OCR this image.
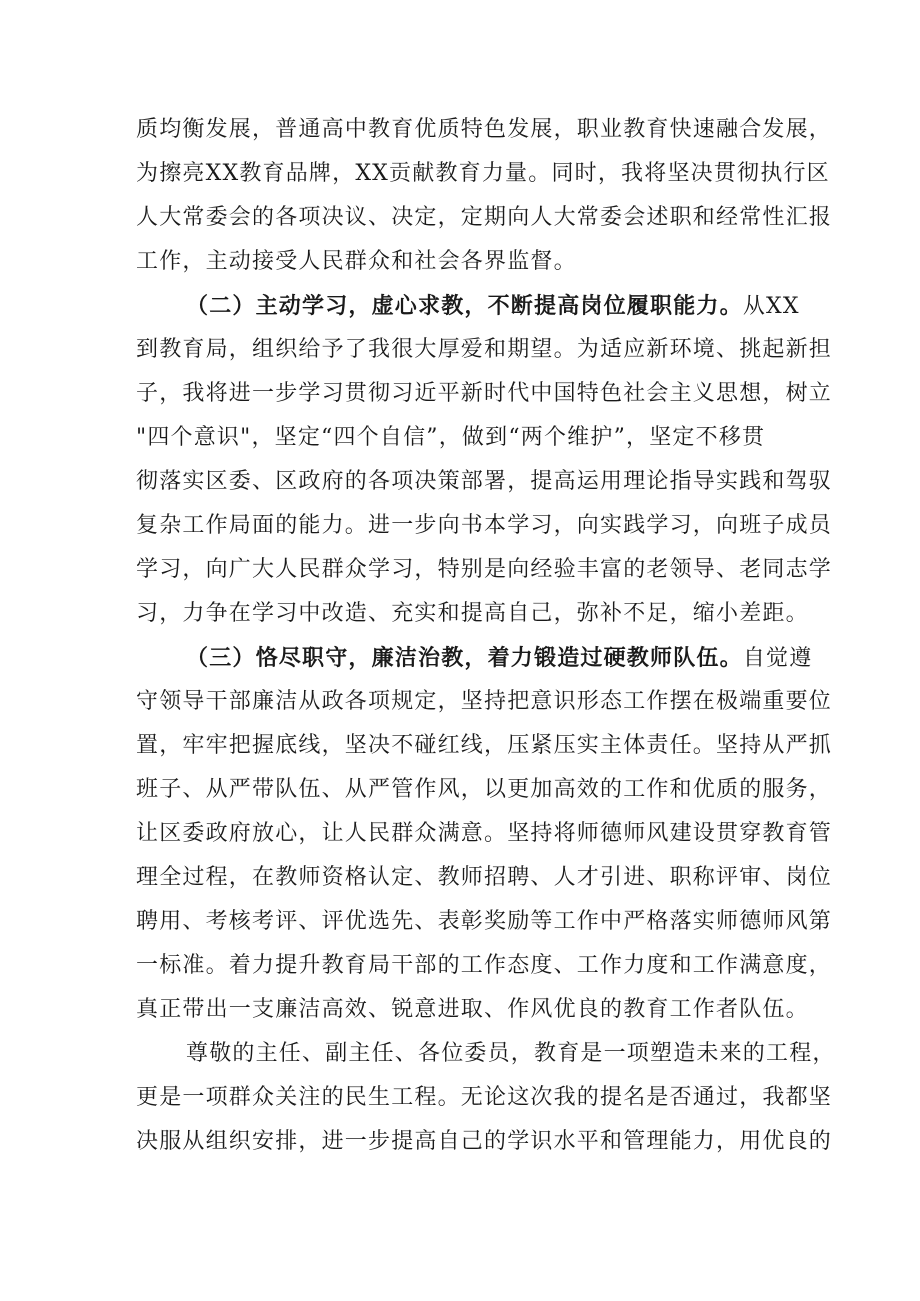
质均衡发展，普通高中教育优质特色发展，职业教育快速融合发展，
为擦亮XX教育品牌，XX贡献教育力量。同时，我将坚决贯彻执行区
人大常委会的各项决议、决定，定期向人大常委会述职和经常性汇报
工作，主动接受人民群众和社会各界监督。
（二）主动学习，虚心求教，不断提高岗位履职能力。从XX
到教育局，组织给予了我很大厚爱和期望。为适应新环境、挑起新担
子，我将进一步学习贯彻习近平新时代中国特色社会主义思想，树立
"四个意识"，坚定“四个自信”，做到“两个维护”，坚定不移贯
彻落实区委、区政府的各项决策部署，提高运用理论指导实践和驾驭
复杂工作局面的能力。进一步向书本学习，向实践学习，向班子成员
学习，向广大人民群众学习，特别是向经验丰富的老领导、老同志学
习，力争在学习中改造、充实和提高自己，弥补不足，缩小差距。
（三）恪尽职守，廉洁治教，着力锻造过硬教师队伍。自觉遵
守领导干部廉洁从政各项规定，坚持把意识形态工作摆在极端重要位
置，牢牢把握底线，坚决不碰红线，压紧压实主体责任。坚持从严抓
班子、从严带队伍、从严管作风，以更加高效的工作和优质的服务，
让区委政府放心，让人民群众满意。坚持将师德师风建设贯穿教育管
理全过程，在教师资格认定、教师招聘、人才引进、职称评审、岗位
聘用、考核考评、评优选先、表彰奖励等工作中严格落实师德师风第
一标准。着力提升教育局干部的工作态度、工作力度和工作满意度，
真正带出一支廉洁高效、锐意进取、作风优良的教育工作者队伍。
尊敬的主任、副主任、各位委员，教育是一项塑造未来的工程，
更是一项群众关注的民生工程。无论这次我的提名是否通过，我都坚
决服从组织安排，进一步提高自己的学识水平和管理能力，用优良的
